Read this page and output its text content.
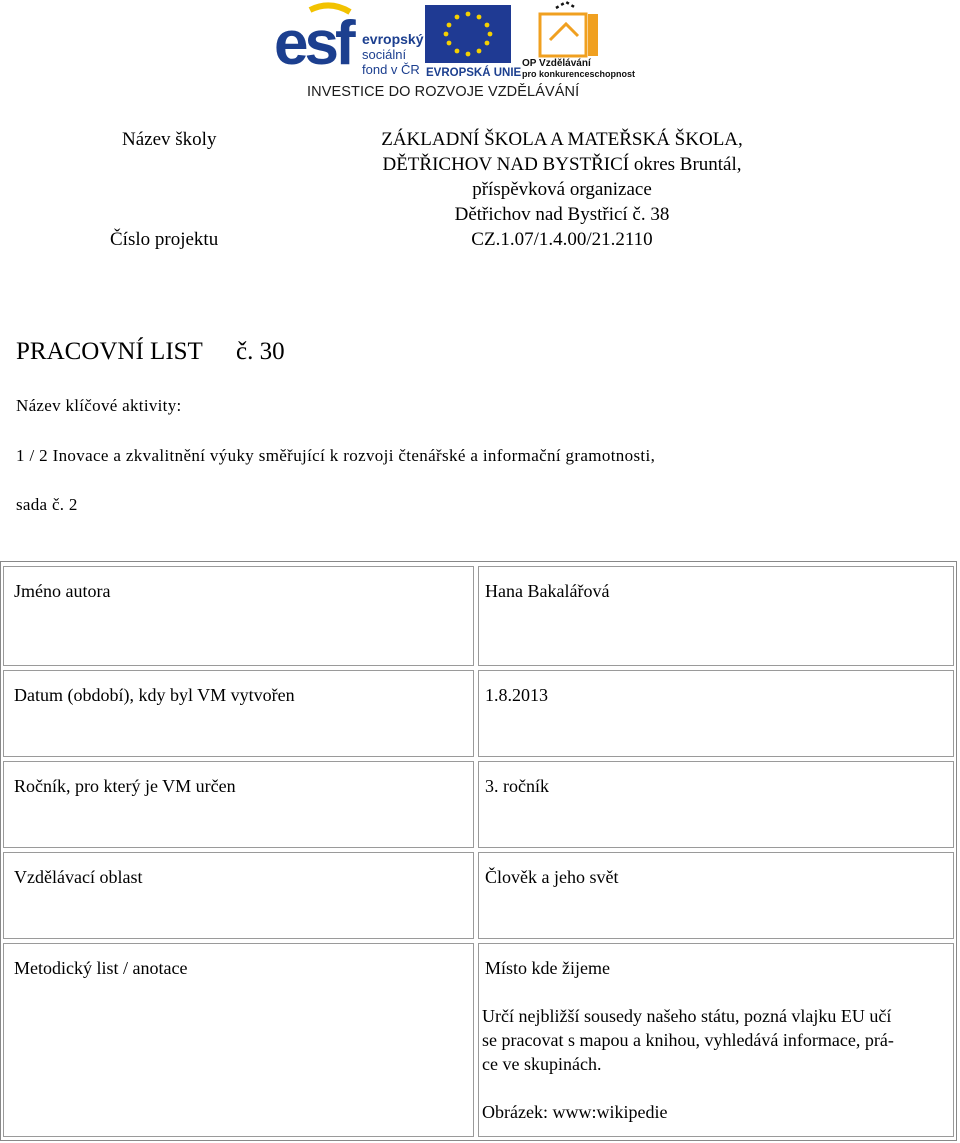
esf evropský
sociální
fond v ČR EVROPSKÁ UNIE
OP Vzdělávání
pro konkurenceschopnost
INVESTICE DO ROZVOJE VZDĚLÁVÁNÍ
Název školy	ZÁKLADNÍ ŠKOLA A MATEŘSKÁ ŠKOLA,
DĚTŘICHOV NAD BYSTŘICÍ okres Bruntál,
příspěvková organizace
Dětřichov nad Bystřicí č. 38
Číslo projektu	CZ.1.07/1.4.00/21.2110
PRACOVNÍ LIST č. 30
Název klíčové aktivity:
1 / 2 Inovace a zkvalitnění výuky směřující k rozvoji čtenářské a informační gramotnosti,
sada č. 2
Jméno autora	Hana Bakalářová
Datum (období), kdy byl VM vytvořen	1.8.2013
Ročník, pro který je VM určen	3. ročník
Vzdělávací oblast	Člověk a jeho svět
Metodický list / anotace	Místo kde žijeme
Určí nejbližší sousedy našeho státu, pozná vlajku EU učí
se pracovat s mapou a knihou, vyhledává informace, prá-
ce ve skupinách.
Obrázek: www:wikipedie
